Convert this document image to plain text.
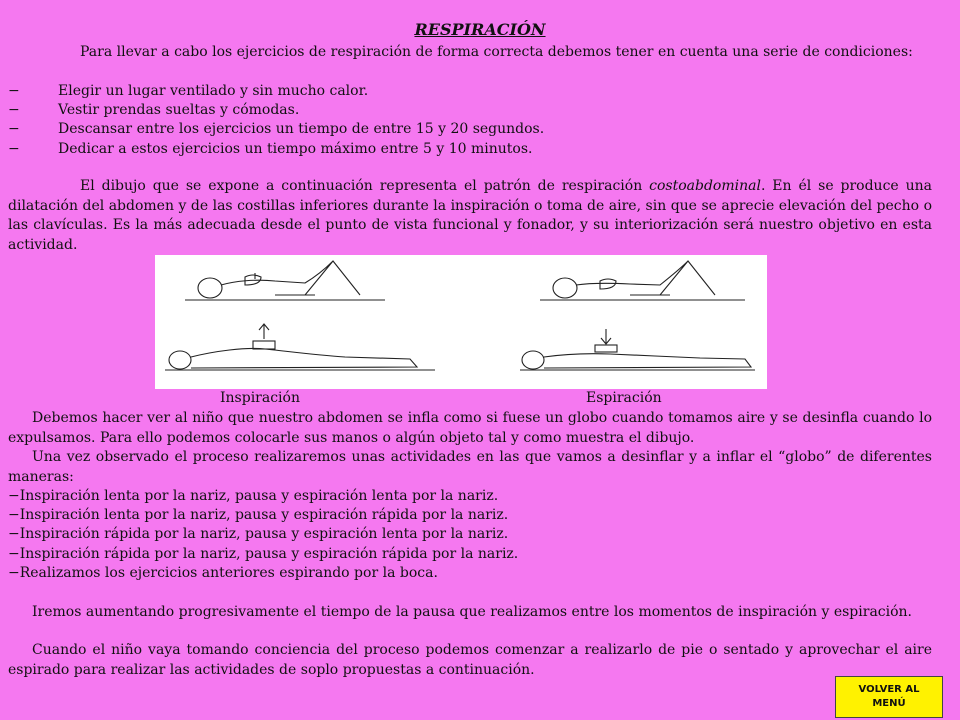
RESPIRACIÓN
Para llevar a cabo los ejercicios de respiración de forma correcta debemos tener en cuenta una serie de condiciones:
−	Elegir un lugar ventilado y sin mucho calor.
−	Vestir prendas sueltas y cómodas.
−	Descansar entre los ejercicios un tiempo de entre 15 y 20 segundos.
−	Dedicar a estos ejercicios un tiempo máximo entre 5 y 10 minutos.
El dibujo que se expone a continuación representa el patrón de respiración costoabdominal. En él se produce una dilatación del abdomen y de las costillas inferiores durante la inspiración o toma de aire, sin que se aprecie elevación del pecho o las clavículas. Es la más adecuada desde el punto de vista funcional y fonador, y su interiorización será nuestro objetivo en esta actividad.
Inspiración	Espiración
Debemos hacer ver al niño que nuestro abdomen se infla como si fuese un globo cuando tomamos aire y se desinfla cuando lo expulsamos. Para ello podemos colocarle sus manos o algún objeto tal y como muestra el dibujo.
Una vez observado el proceso realizaremos unas actividades en las que vamos a desinflar y a inflar el “globo” de diferentes maneras:
−Inspiración lenta por la nariz, pausa y espiración lenta por la nariz.
−Inspiración lenta por la nariz, pausa y espiración rápida por la nariz.
−Inspiración rápida por la nariz, pausa y espiración lenta por la nariz.
−Inspiración rápida por la nariz, pausa y espiración rápida por la nariz.
−Realizamos los ejercicios anteriores espirando por la boca.
Iremos aumentando progresivamente el tiempo de la pausa que realizamos entre los momentos de inspiración y espiración.
Cuando el niño vaya tomando conciencia del proceso podemos comenzar a realizarlo de pie o sentado y aprovechar el aire espirado para realizar las actividades de soplo propuestas a continuación.
VOLVER AL MENÚ
